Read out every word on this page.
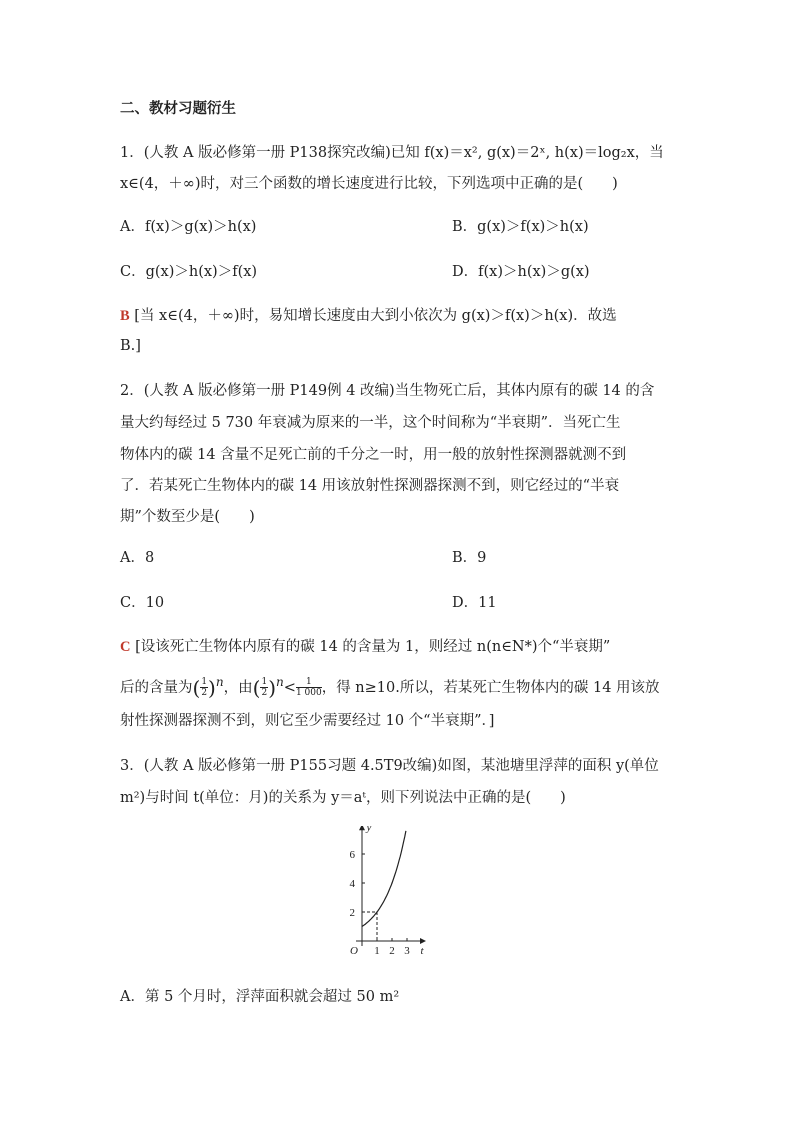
二、教材习题衍生
1．(人教 A 版必修第一册 P138探究改编)已知 f(x)＝x², g(x)＝2ˣ, h(x)＝log₂x，当
x∈(4，＋∞)时，对三个函数的增长速度进行比较，下列选项中正确的是(　　)
A．f(x)＞g(x)＞h(x)	B．g(x)＞f(x)＞h(x)
C．g(x)＞h(x)＞f(x)	D．f(x)＞h(x)＞g(x)
B [当 x∈(4，＋∞)时，易知增长速度由大到小依次为 g(x)＞f(x)＞h(x)．故选
B.]
2．(人教 A 版必修第一册 P149例 4 改编)当生物死亡后，其体内原有的碳 14 的含
量大约每经过 5 730 年衰减为原来的一半，这个时间称为“半衰期”．当死亡生
物体内的碳 14 含量不足死亡前的千分之一时，用一般的放射性探测器就测不到
了．若某死亡生物体内的碳 14 用该放射性探测器探测不到，则它经过的“半衰
期”个数至少是(　　)
A．8	B．9
C．10	D．11
C [设该死亡生物体内原有的碳 14 的含量为 1，则经过 n(n∈N*)个“半衰期”
后的含量为( $\frac{1}{2} )^n$，由( $\frac{1}{2} )^n< \frac{1}{1 000}$ ，得 n≥10.所以，若某死亡生物体内的碳 14 用该放
射性探测器探测不到，则它至少需要经过 10 个“半衰期”．]
3．(人教 A 版必修第一册 P155习题 4.5T9改编)如图，某池塘里浮萍的面积 y(单位
m²)与时间 t(单位：月)的关系为 y＝aᵗ，则下列说法中正确的是(　　)
t
y
O 1 2 3
2
4
6
A．第 5 个月时，浮萍面积就会超过 50 m²
